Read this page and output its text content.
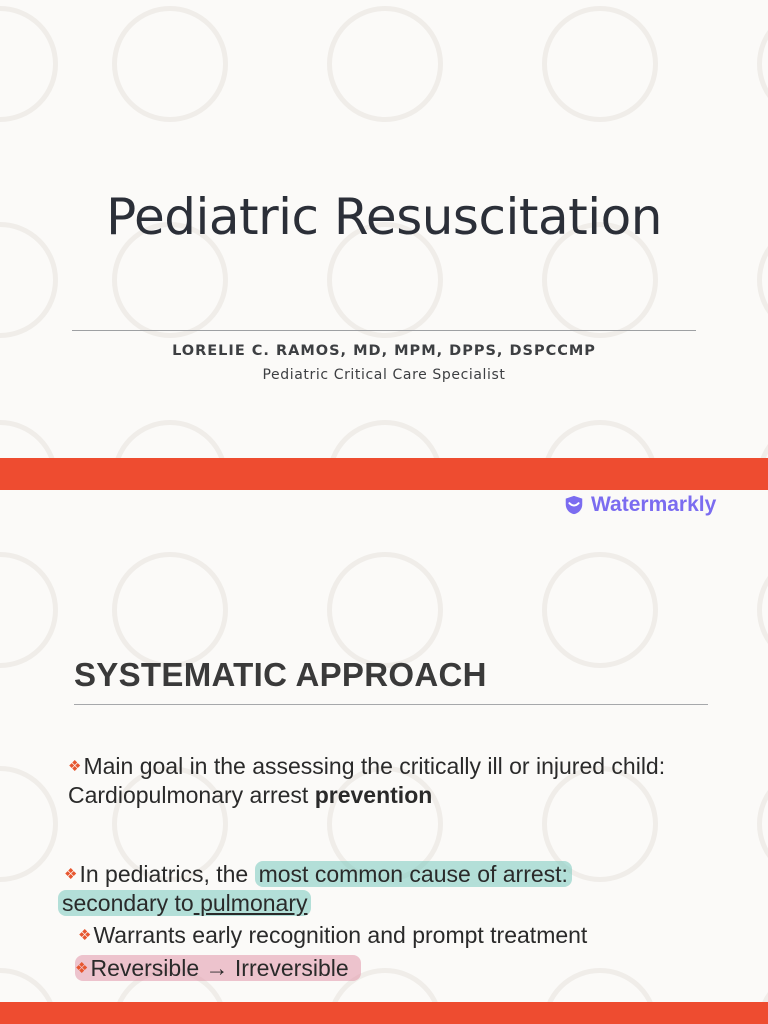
Pediatric Resuscitation
LORELIE C. RAMOS, MD, MPM, DPPS, DSPCCMP
Pediatric Critical Care Specialist
Watermarkly
SYSTEMATIC APPROACH
❖Main goal in the assessing the critically ill or injured child: Cardiopulmonary arrest prevention
❖In pediatrics, the most common cause of arrest:
secondary to pulmonary
❖Warrants early recognition and prompt treatment
❖Reversible → Irreversible
